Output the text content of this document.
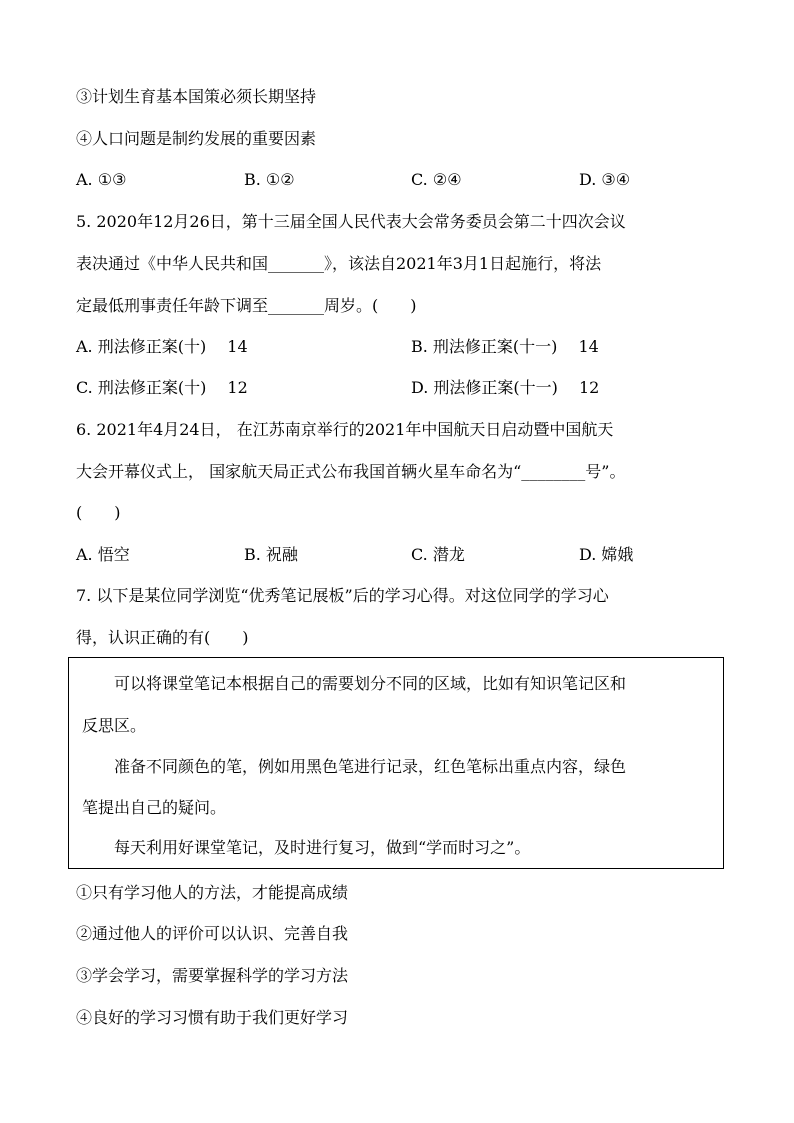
③计划生育基本国策必须长期坚持
④人口问题是制约发展的重要因素
A. ①③	B. ①②	C. ②④	D. ③④
5. 2020年12月26日，第十三届全国人民代表大会常务委员会第二十四次会议
表决通过《中华人民共和国_______》，该法自2021年3月1日起施行，将法
定最低刑事责任年龄下调至_______周岁。(　　)
A. 刑法修正案(十)　 14	B. 刑法修正案(十一)　 14
C. 刑法修正案(十)　 12	D. 刑法修正案(十一)　 12
6. 2021年4月24日， 在江苏南京举行的2021年中国航天日启动暨中国航天
大会开幕仪式上， 国家航天局正式公布我国首辆火星车命名为“________号”。
(　　)
A. 悟空	B. 祝融	C. 潜龙	D. 嫦娥
7. 以下是某位同学浏览“优秀笔记展板”后的学习心得。对这位同学的学习心
得，认识正确的有(　　)
可以将课堂笔记本根据自己的需要划分不同的区域，比如有知识笔记区和
反思区。
准备不同颜色的笔，例如用黑色笔进行记录，红色笔标出重点内容，绿色
笔提出自己的疑问。
每天利用好课堂笔记，及时进行复习，做到“学而时习之”。
①只有学习他人的方法，才能提高成绩
②通过他人的评价可以认识、完善自我
③学会学习，需要掌握科学的学习方法
④良好的学习习惯有助于我们更好学习
